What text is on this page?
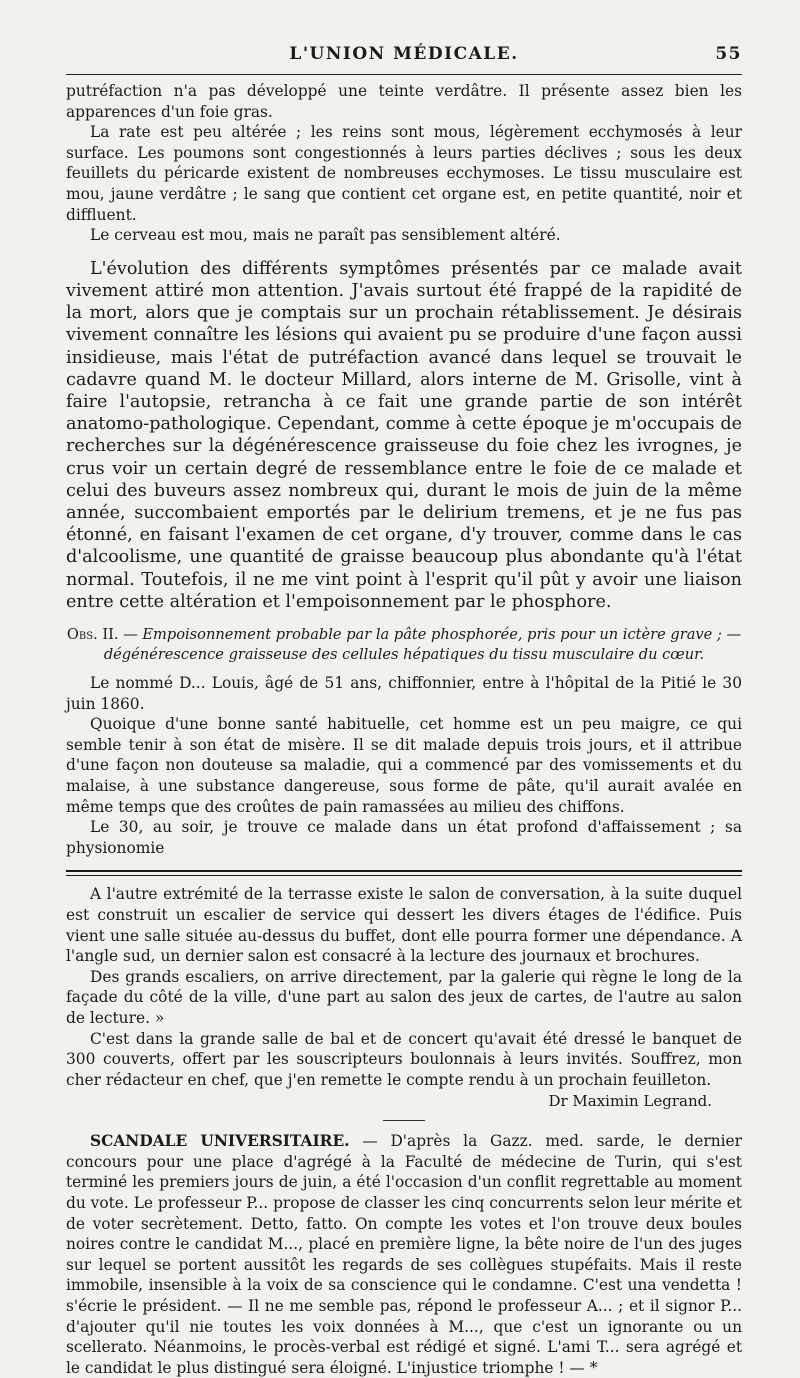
L'UNION MÉDICALE.	55

putréfaction n'a pas développé une teinte verdâtre. Il présente assez bien les apparences d'un foie gras.

La rate est peu altérée ; les reins sont mous, légèrement ecchymosés à leur surface. Les poumons sont congestionnés à leurs parties déclives ; sous les deux feuillets du péricarde existent de nombreuses ecchymoses. Le tissu musculaire est mou, jaune verdâtre ; le sang que contient cet organe est, en petite quantité, noir et diffluent.

Le cerveau est mou, mais ne paraît pas sensiblement altéré.

L'évolution des différents symptômes présentés par ce malade avait vivement attiré mon attention. J'avais surtout été frappé de la rapidité de la mort, alors que je comptais sur un prochain rétablissement. Je désirais vivement connaître les lésions qui avaient pu se produire d'une façon aussi insidieuse, mais l'état de putréfaction avancé dans lequel se trouvait le cadavre quand M. le docteur Millard, alors interne de M. Grisolle, vint à faire l'autopsie, retrancha à ce fait une grande partie de son intérêt anatomo-pathologique. Cependant, comme à cette époque je m'occupais de recherches sur la dégénérescence graisseuse du foie chez les ivrognes, je crus voir un certain degré de ressemblance entre le foie de ce malade et celui des buveurs assez nombreux qui, durant le mois de juin de la même année, succombaient emportés par le delirium tremens, et je ne fus pas étonné, en faisant l'examen de cet organe, d'y trouver, comme dans le cas d'alcoolisme, une quantité de graisse beaucoup plus abondante qu'à l'état normal. Toutefois, il ne me vint point à l'esprit qu'il pût y avoir une liaison entre cette altération et l'empoisonnement par le phosphore.

Obs. II. — Empoisonnement probable par la pâte phosphorée, pris pour un ictère grave ; —
dégénérescence graisseuse des cellules hépatiques du tissu musculaire du cœur.

Le nommé D... Louis, âgé de 51 ans, chiffonnier, entre à l'hôpital de la Pitié le 30 juin 1860.

Quoique d'une bonne santé habituelle, cet homme est un peu maigre, ce qui semble tenir à son état de misère. Il se dit malade depuis trois jours, et il attribue d'une façon non douteuse sa maladie, qui a commencé par des vomissements et du malaise, à une substance dangereuse, sous forme de pâte, qu'il aurait avalée en même temps que des croûtes de pain ramassées au milieu des chiffons.

Le 30, au soir, je trouve ce malade dans un état profond d'affaissement ; sa physionomie

A l'autre extrémité de la terrasse existe le salon de conversation, à la suite duquel est construit un escalier de service qui dessert les divers étages de l'édifice. Puis vient une salle située au-dessus du buffet, dont elle pourra former une dépendance. A l'angle sud, un dernier salon est consacré à la lecture des journaux et brochures.

Des grands escaliers, on arrive directement, par la galerie qui règne le long de la façade du côté de la ville, d'une part au salon des jeux de cartes, de l'autre au salon de lecture. »

C'est dans la grande salle de bal et de concert qu'avait été dressé le banquet de 300 couverts, offert par les souscripteurs boulonnais à leurs invités. Souffrez, mon cher rédacteur en chef, que j'en remette le compte rendu à un prochain feuilleton.

Dr Maximin Legrand.

SCANDALE UNIVERSITAIRE. — D'après la Gazz. med. sarde, le dernier concours pour une place d'agrégé à la Faculté de médecine de Turin, qui s'est terminé les premiers jours de juin, a été l'occasion d'un conflit regrettable au moment du vote. Le professeur P... propose de classer les cinq concurrents selon leur mérite et de voter secrètement. Detto, fatto. On compte les votes et l'on trouve deux boules noires contre le candidat M..., placé en première ligne, la bête noire de l'un des juges sur lequel se portent aussitôt les regards de ses collègues stupéfaits. Mais il reste immobile, insensible à la voix de sa conscience qui le condamne. C'est una vendetta ! s'écrie le président. — Il ne me semble pas, répond le professeur A... ; et il signor P... d'ajouter qu'il nie toutes les voix données à M..., que c'est un ignorante ou un scellerato. Néanmoins, le procès-verbal est rédigé et signé. L'ami T... sera agrégé et le candidat le plus distingué sera éloigné. L'injustice triomphe ! — *
